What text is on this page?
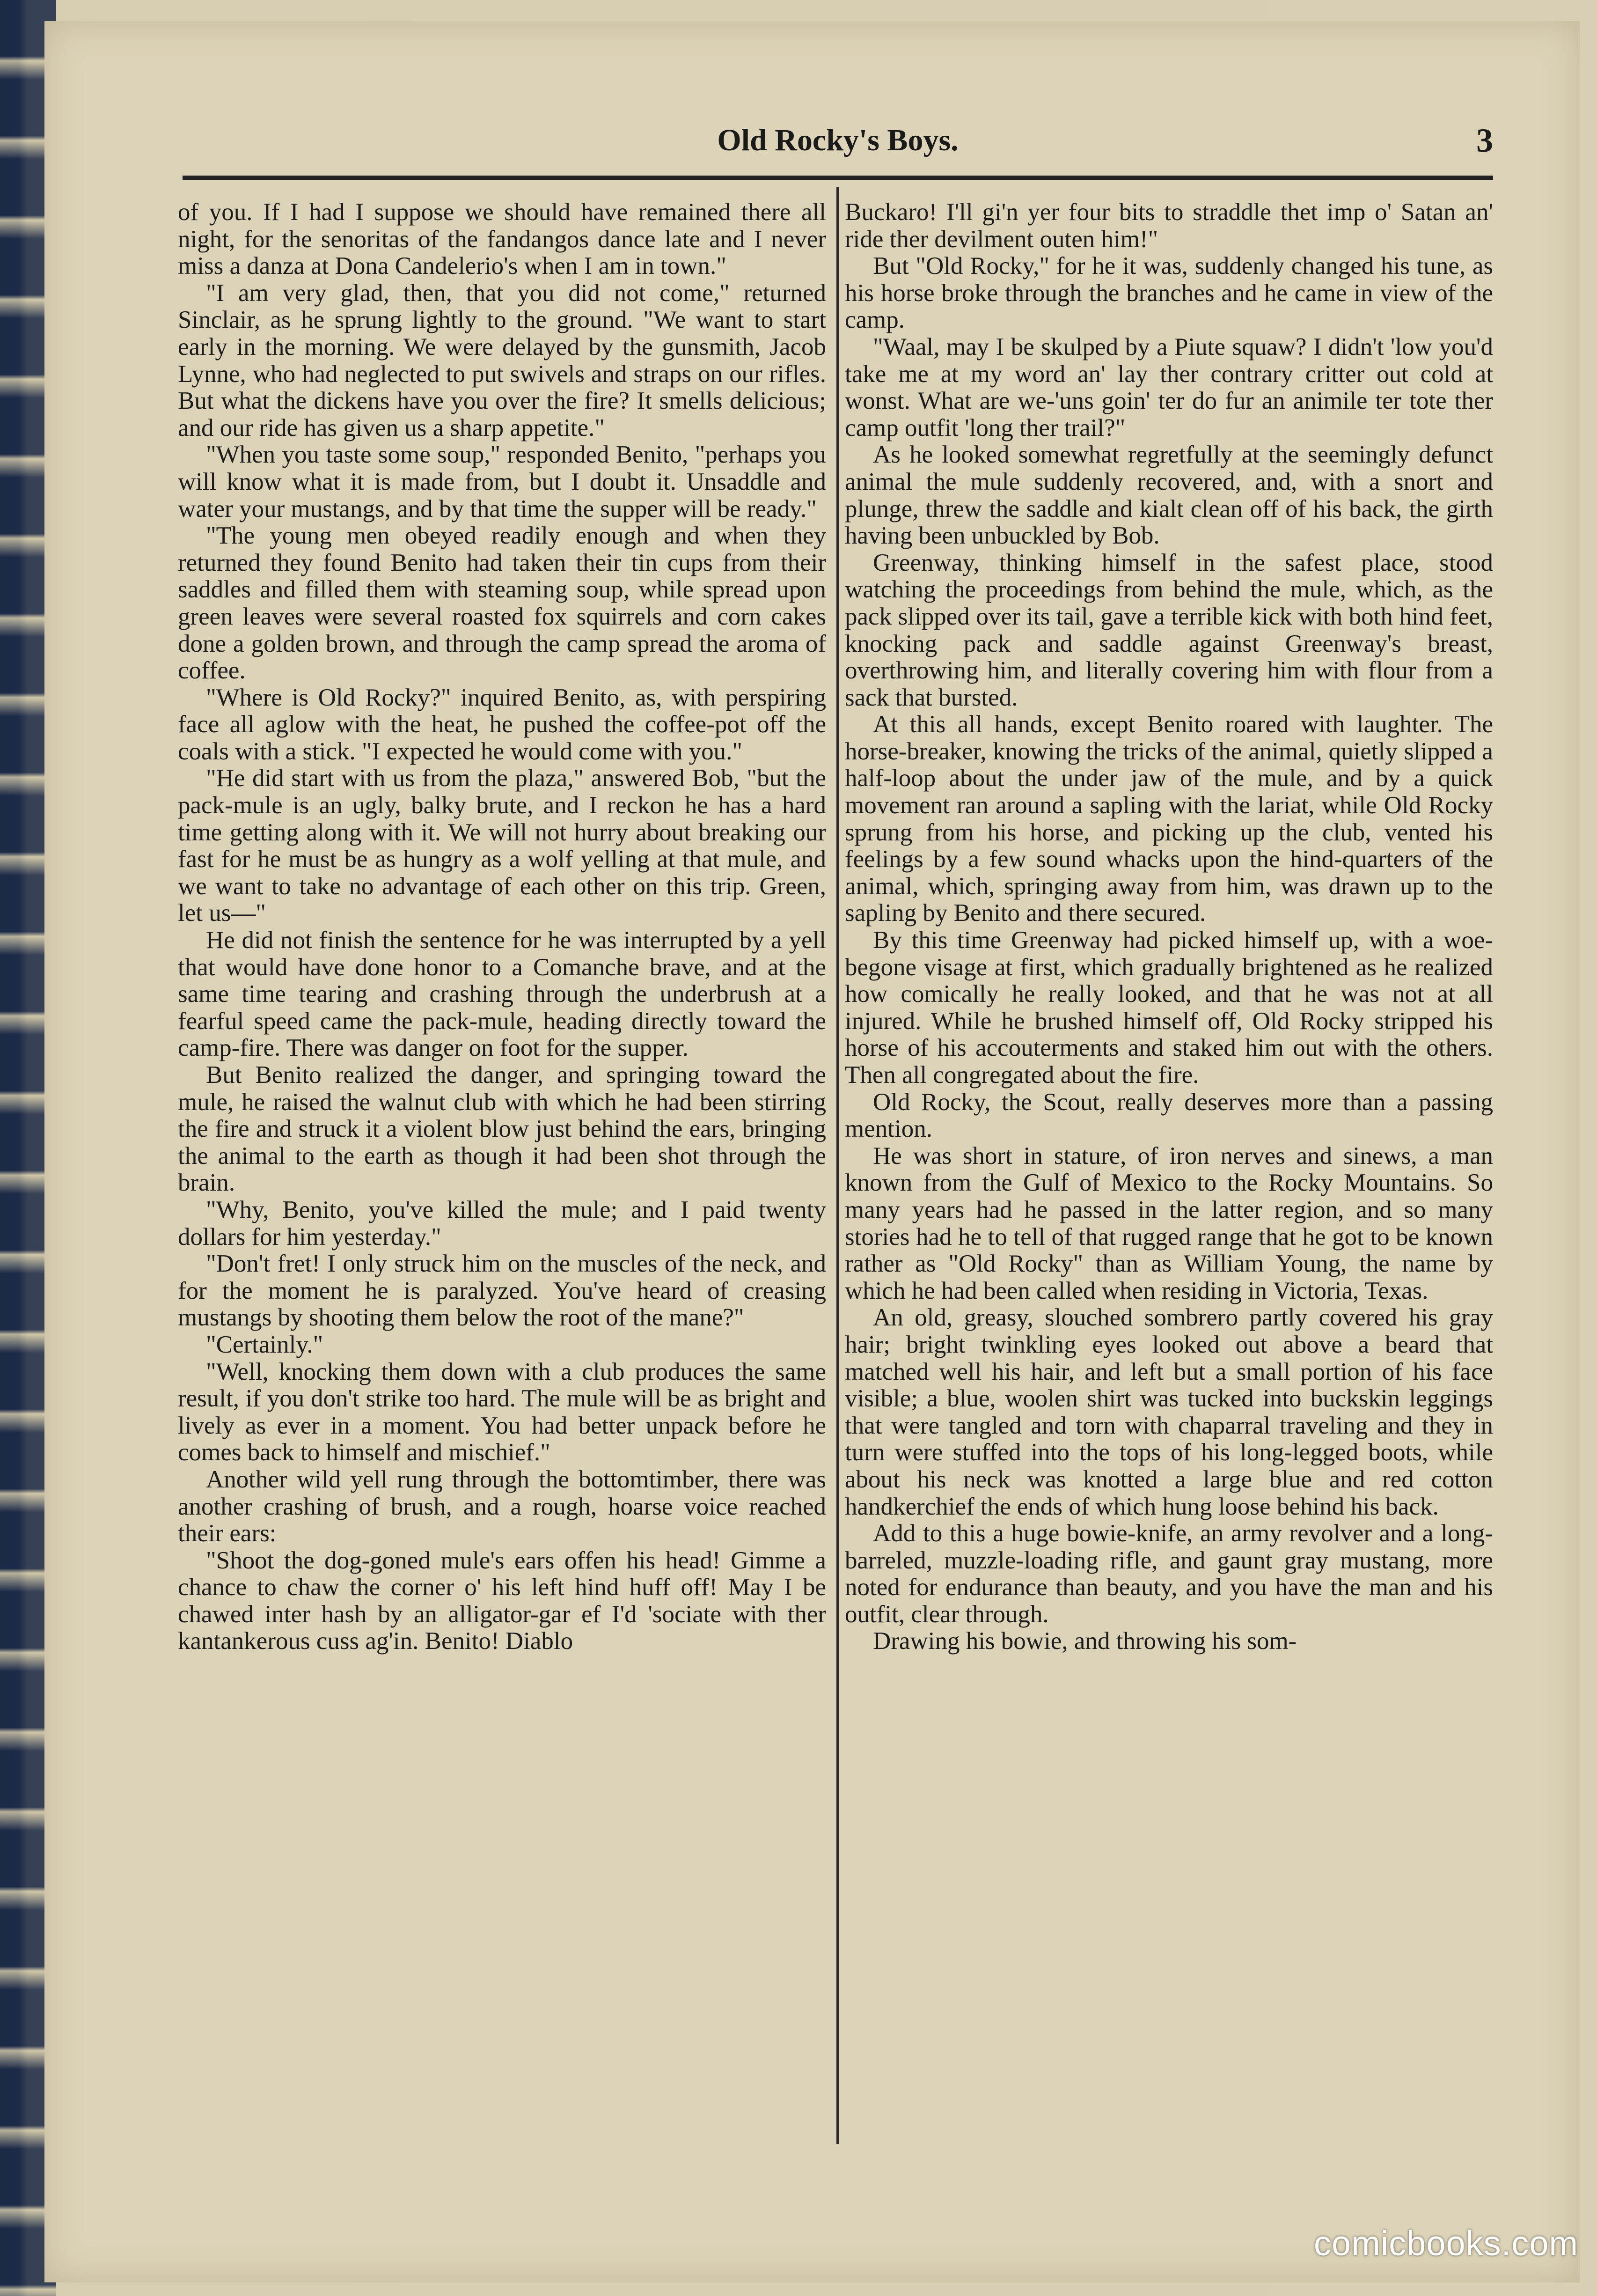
Old Rocky's Boys.	3

of you. If I had I suppose we should have remained there all night, for the senoritas of the fandangos dance late and I never miss a danza at Dona Candelerio's when I am in town."

"I am very glad, then, that you did not come," returned Sinclair, as he sprung lightly to the ground. "We want to start early in the morning. We were delayed by the gunsmith, Jacob Lynne, who had neglected to put swivels and straps on our rifles. But what the dickens have you over the fire? It smells delicious; and our ride has given us a sharp appetite."

"When you taste some soup," responded Benito, "perhaps you will know what it is made from, but I doubt it. Unsaddle and water your mustangs, and by that time the supper will be ready."

"The young men obeyed readily enough and when they returned they found Benito had taken their tin cups from their saddles and filled them with steaming soup, while spread upon green leaves were several roasted fox squirrels and corn cakes done a golden brown, and through the camp spread the aroma of coffee.

"Where is Old Rocky?" inquired Benito, as, with perspiring face all aglow with the heat, he pushed the coffee-pot off the coals with a stick. "I expected he would come with you."

"He did start with us from the plaza," answered Bob, "but the pack-mule is an ugly, balky brute, and I reckon he has a hard time getting along with it. We will not hurry about breaking our fast for he must be as hungry as a wolf yelling at that mule, and we want to take no advantage of each other on this trip. Green, let us—"

He did not finish the sentence for he was interrupted by a yell that would have done honor to a Comanche brave, and at the same time tearing and crashing through the underbrush at a fearful speed came the pack-mule, heading directly toward the camp-fire. There was danger on foot for the supper.

But Benito realized the danger, and springing toward the mule, he raised the walnut club with which he had been stirring the fire and struck it a violent blow just behind the ears, bringing the animal to the earth as though it had been shot through the brain.

"Why, Benito, you've killed the mule; and I paid twenty dollars for him yesterday."

"Don't fret! I only struck him on the muscles of the neck, and for the moment he is paralyzed. You've heard of creasing mustangs by shooting them below the root of the mane?"

"Certainly."

"Well, knocking them down with a club produces the same result, if you don't strike too hard. The mule will be as bright and lively as ever in a moment. You had better unpack before he comes back to himself and mischief."

Another wild yell rung through the bottomtimber, there was another crashing of brush, and a rough, hoarse voice reached their ears:

"Shoot the dog-goned mule's ears offen his head! Gimme a chance to chaw the corner o' his left hind huff off! May I be chawed inter hash by an alligator-gar ef I'd 'sociate with ther kantankerous cuss ag'in. Benito! Diablo

Buckaro! I'll gi'n yer four bits to straddle thet imp o' Satan an' ride ther devilment outen him!"

But "Old Rocky," for he it was, suddenly changed his tune, as his horse broke through the branches and he came in view of the camp.

"Waal, may I be skulped by a Piute squaw? I didn't 'low you'd take me at my word an' lay ther contrary critter out cold at wonst. What are we-'uns goin' ter do fur an animile ter tote ther camp outfit 'long ther trail?"

As he looked somewhat regretfully at the seemingly defunct animal the mule suddenly recovered, and, with a snort and plunge, threw the saddle and kialt clean off of his back, the girth having been unbuckled by Bob.

Greenway, thinking himself in the safest place, stood watching the proceedings from behind the mule, which, as the pack slipped over its tail, gave a terrible kick with both hind feet, knocking pack and saddle against Greenway's breast, overthrowing him, and literally covering him with flour from a sack that bursted.

At this all hands, except Benito roared with laughter. The horse-breaker, knowing the tricks of the animal, quietly slipped a half-loop about the under jaw of the mule, and by a quick movement ran around a sapling with the lariat, while Old Rocky sprung from his horse, and picking up the club, vented his feelings by a few sound whacks upon the hind-quarters of the animal, which, springing away from him, was drawn up to the sapling by Benito and there secured.

By this time Greenway had picked himself up, with a woe-begone visage at first, which gradually brightened as he realized how comically he really looked, and that he was not at all injured. While he brushed himself off, Old Rocky stripped his horse of his accouterments and staked him out with the others. Then all congregated about the fire.

Old Rocky, the Scout, really deserves more than a passing mention.

He was short in stature, of iron nerves and sinews, a man known from the Gulf of Mexico to the Rocky Mountains. So many years had he passed in the latter region, and so many stories had he to tell of that rugged range that he got to be known rather as "Old Rocky" than as William Young, the name by which he had been called when residing in Victoria, Texas.

An old, greasy, slouched sombrero partly covered his gray hair; bright twinkling eyes looked out above a beard that matched well his hair, and left but a small portion of his face visible; a blue, woolen shirt was tucked into buckskin leggings that were tangled and torn with chaparral traveling and they in turn were stuffed into the tops of his long-legged boots, while about his neck was knotted a large blue and red cotton handkerchief the ends of which hung loose behind his back.

Add to this a huge bowie-knife, an army revolver and a long-barreled, muzzle-loading rifle, and gaunt gray mustang, more noted for endurance than beauty, and you have the man and his outfit, clear through.

Drawing his bowie, and throwing his som-

comicbooks.com
